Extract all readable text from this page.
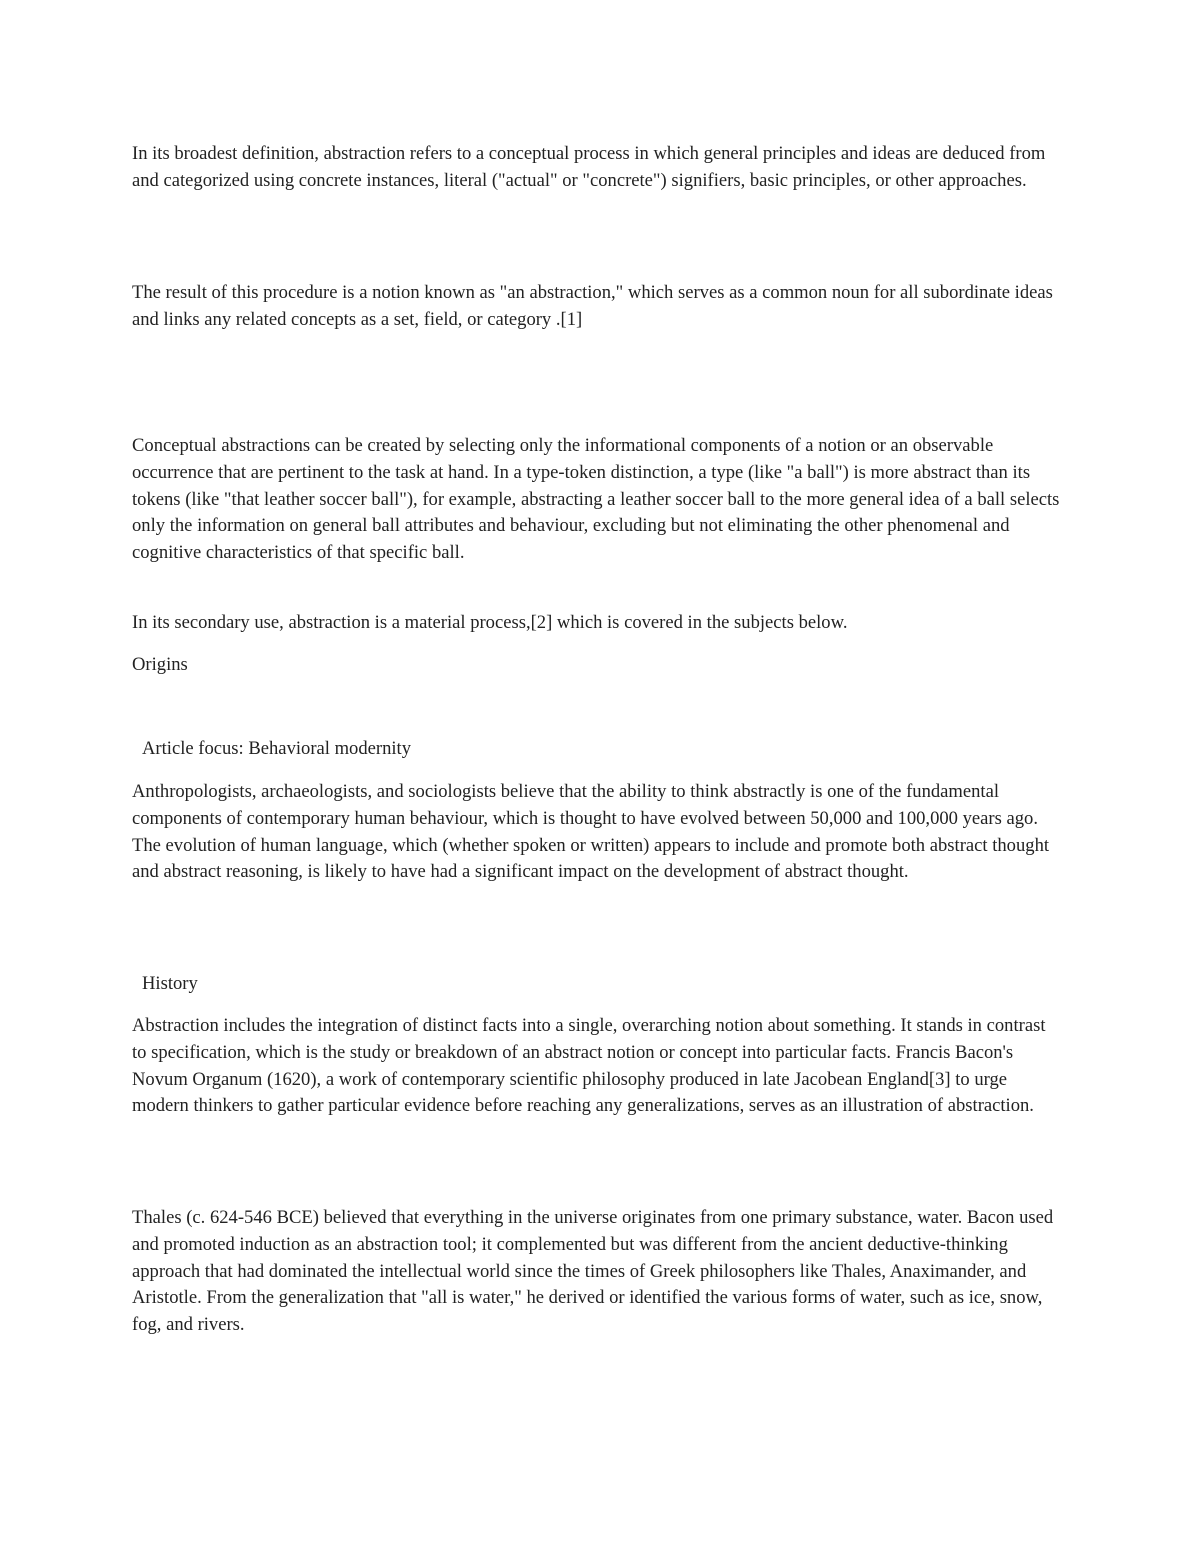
In its broadest definition, abstraction refers to a conceptual process in which general principles and ideas are deduced from and categorized using concrete instances, literal ("actual" or "concrete") signifiers, basic principles, or other approaches.

The result of this procedure is a notion known as "an abstraction," which serves as a common noun for all subordinate ideas and links any related concepts as a set, field, or category .[1]

Conceptual abstractions can be created by selecting only the informational components of a notion or an observable occurrence that are pertinent to the task at hand. In a type-token distinction, a type (like "a ball") is more abstract than its tokens (like "that leather soccer ball"), for example, abstracting a leather soccer ball to the more general idea of a ball selects only the information on general ball attributes and behaviour, excluding but not eliminating the other phenomenal and cognitive characteristics of that specific ball.

In its secondary use, abstraction is a material process,[2] which is covered in the subjects below.

Origins

Article focus: Behavioral modernity

Anthropologists, archaeologists, and sociologists believe that the ability to think abstractly is one of the fundamental components of contemporary human behaviour, which is thought to have evolved between 50,000 and 100,000 years ago. The evolution of human language, which (whether spoken or written) appears to include and promote both abstract thought and abstract reasoning, is likely to have had a significant impact on the development of abstract thought.

History

Abstraction includes the integration of distinct facts into a single, overarching notion about something. It stands in contrast to specification, which is the study or breakdown of an abstract notion or concept into particular facts. Francis Bacon's Novum Organum (1620), a work of contemporary scientific philosophy produced in late Jacobean England[3] to urge modern thinkers to gather particular evidence before reaching any generalizations, serves as an illustration of abstraction.

Thales (c. 624-546 BCE) believed that everything in the universe originates from one primary substance, water. Bacon used and promoted induction as an abstraction tool; it complemented but was different from the ancient deductive-thinking approach that had dominated the intellectual world since the times of Greek philosophers like Thales, Anaximander, and Aristotle. From the generalization that "all is water," he derived or identified the various forms of water, such as ice, snow, fog, and rivers.
